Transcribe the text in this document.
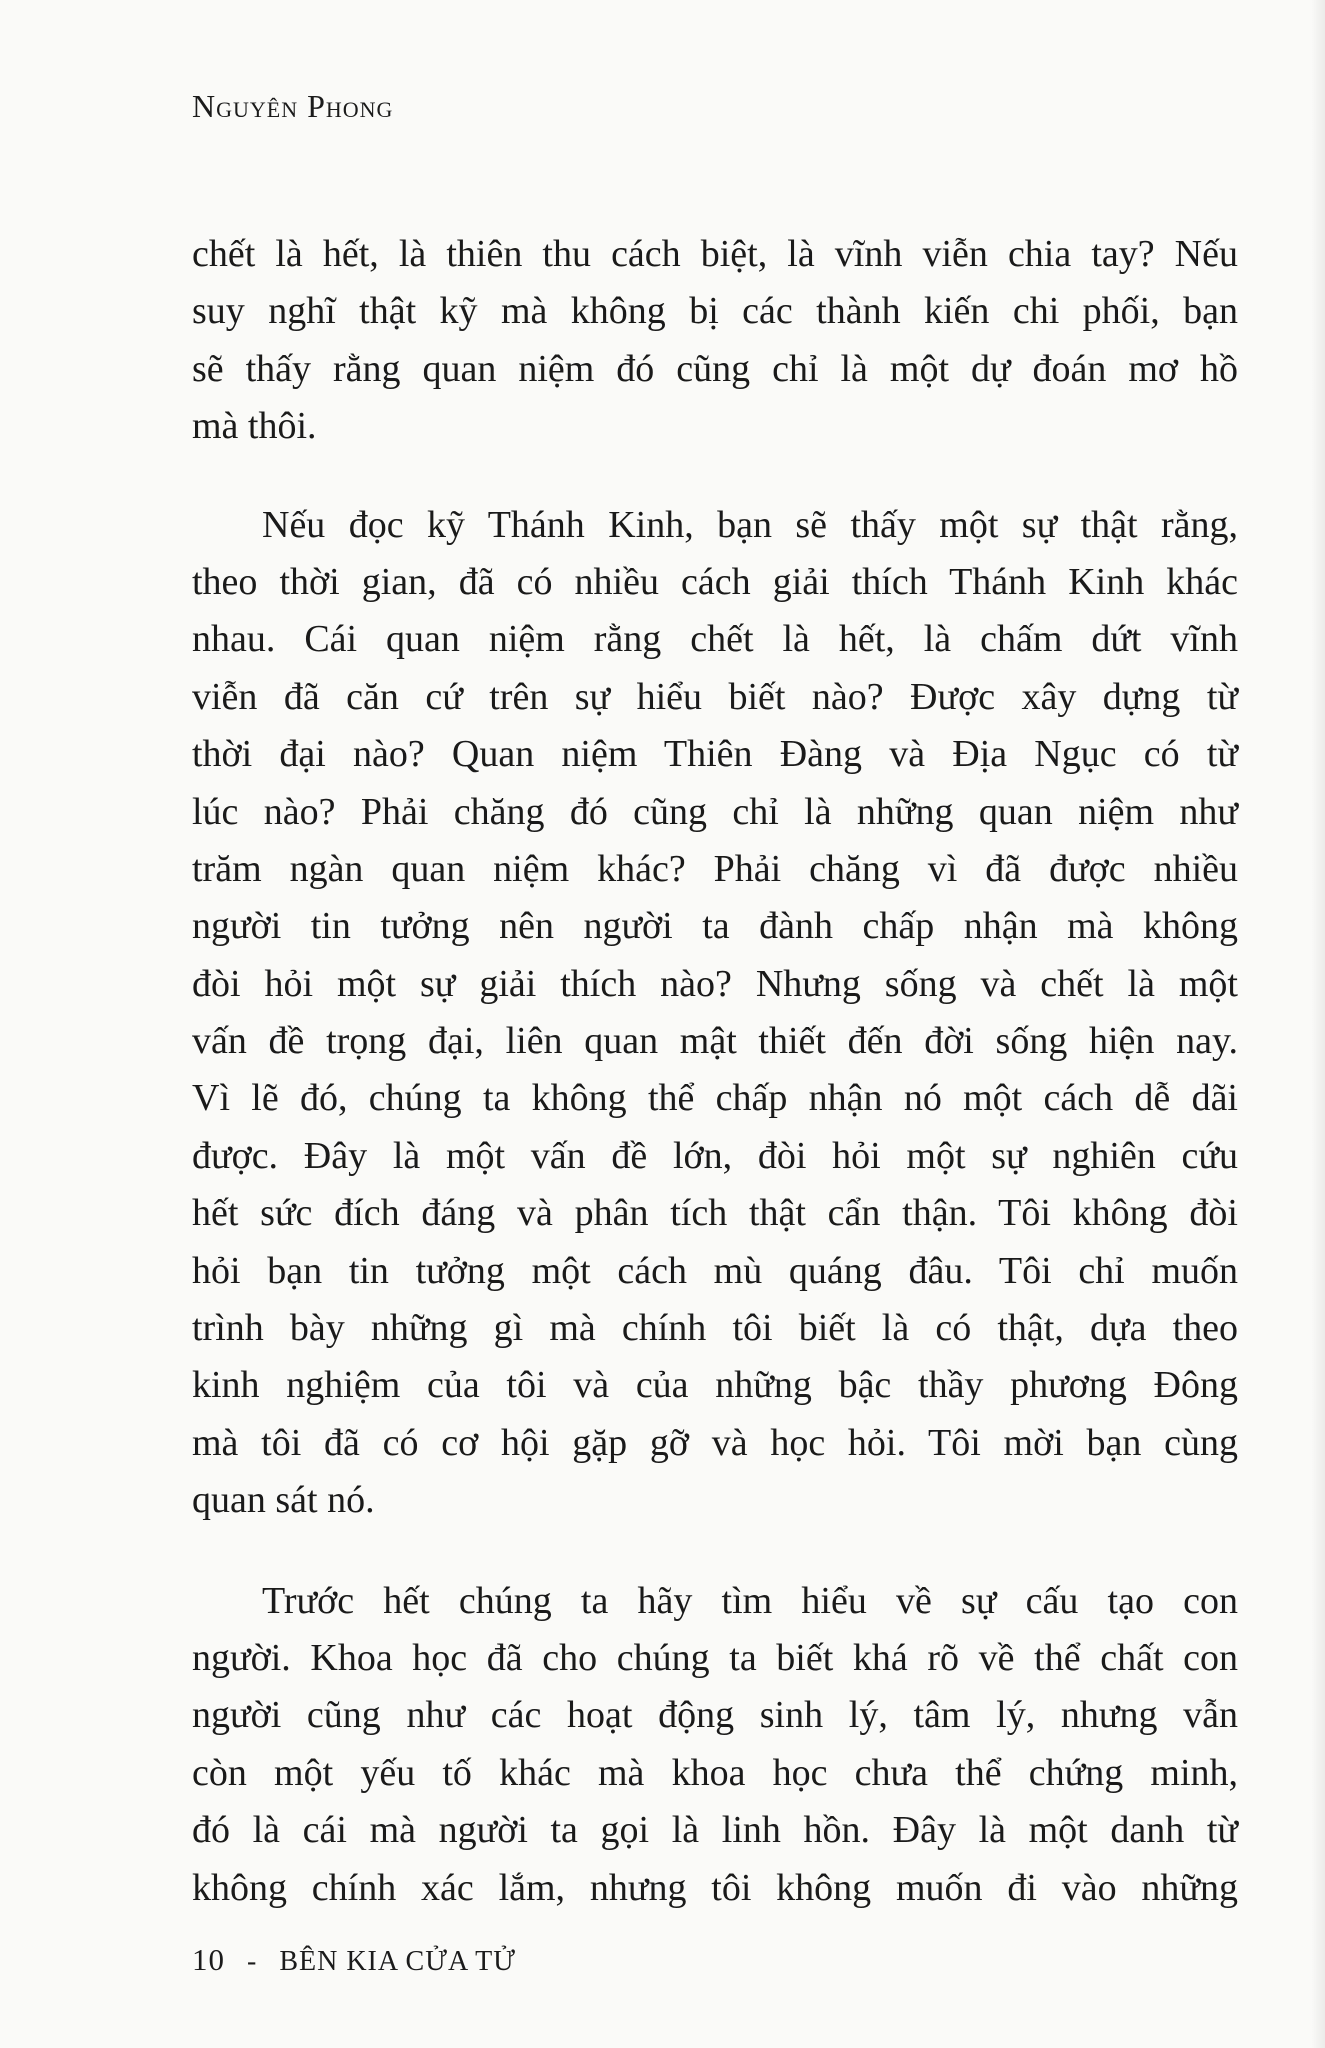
Nguyên Phong
chết là hết, là thiên thu cách biệt, là vĩnh viễn chia tay? Nếu
suy nghĩ thật kỹ mà không bị các thành kiến chi phối, bạn
sẽ thấy rằng quan niệm đó cũng chỉ là một dự đoán mơ hồ
mà thôi.
Nếu đọc kỹ Thánh Kinh, bạn sẽ thấy một sự thật rằng,
theo thời gian, đã có nhiều cách giải thích Thánh Kinh khác
nhau. Cái quan niệm rằng chết là hết, là chấm dứt vĩnh
viễn đã căn cứ trên sự hiểu biết nào? Được xây dựng từ
thời đại nào? Quan niệm Thiên Đàng và Địa Ngục có từ
lúc nào? Phải chăng đó cũng chỉ là những quan niệm như
trăm ngàn quan niệm khác? Phải chăng vì đã được nhiều
người tin tưởng nên người ta đành chấp nhận mà không
đòi hỏi một sự giải thích nào? Nhưng sống và chết là một
vấn đề trọng đại, liên quan mật thiết đến đời sống hiện nay.
Vì lẽ đó, chúng ta không thể chấp nhận nó một cách dễ dãi
được. Đây là một vấn đề lớn, đòi hỏi một sự nghiên cứu
hết sức đích đáng và phân tích thật cẩn thận. Tôi không đòi
hỏi bạn tin tưởng một cách mù quáng đâu. Tôi chỉ muốn
trình bày những gì mà chính tôi biết là có thật, dựa theo
kinh nghiệm của tôi và của những bậc thầy phương Đông
mà tôi đã có cơ hội gặp gỡ và học hỏi. Tôi mời bạn cùng
quan sát nó.
Trước hết chúng ta hãy tìm hiểu về sự cấu tạo con
người. Khoa học đã cho chúng ta biết khá rõ về thể chất con
người cũng như các hoạt động sinh lý, tâm lý, nhưng vẫn
còn một yếu tố khác mà khoa học chưa thể chứng minh,
đó là cái mà người ta gọi là linh hồn. Đây là một danh từ
không chính xác lắm, nhưng tôi không muốn đi vào những
10 - BÊN KIA CỬA TỬ
